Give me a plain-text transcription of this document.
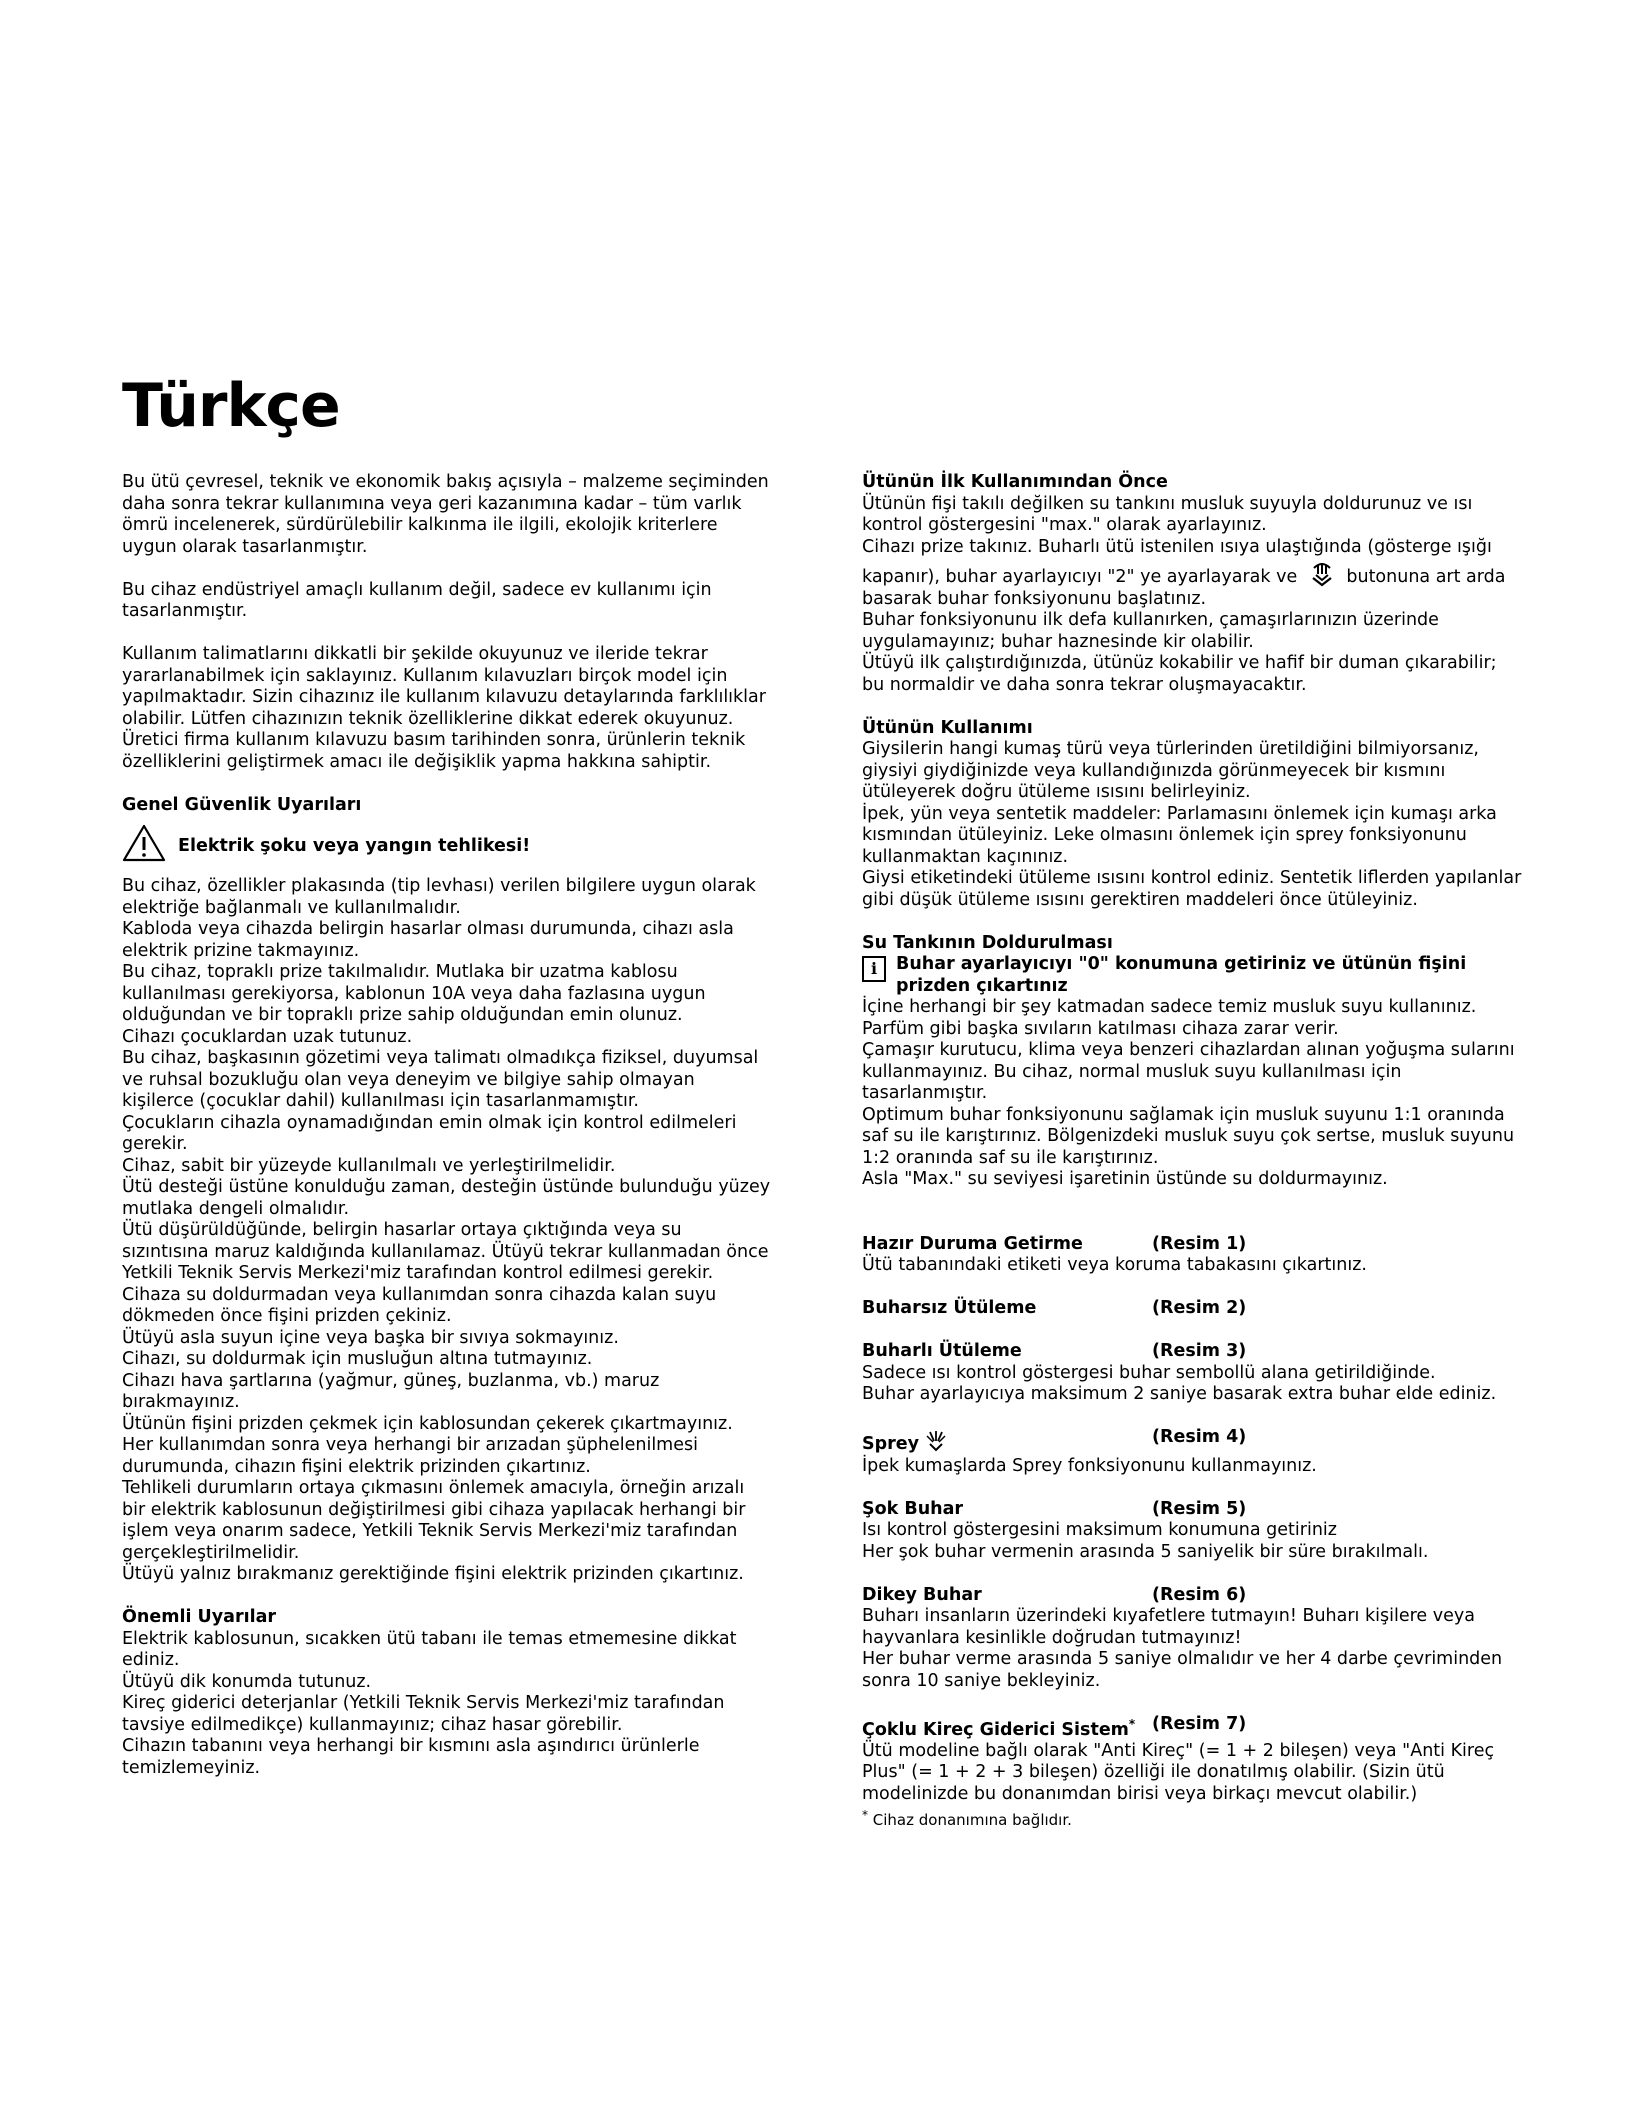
Türkçe

Bu ütü çevresel, teknik ve ekonomik bakış açısıyla – malzeme seçiminden daha sonra tekrar kullanımına veya geri kazanımına kadar – tüm varlık ömrü incelenerek, sürdürülebilir kalkınma ile ilgili, ekolojik kriterlere uygun olarak tasarlanmıştır.

Bu cihaz endüstriyel amaçlı kullanım değil, sadece ev kullanımı için tasarlanmıştır.

Kullanım talimatlarını dikkatli bir şekilde okuyunuz ve ileride tekrar yararlanabilmek için saklayınız. Kullanım kılavuzları birçok model için yapılmaktadır. Sizin cihazınız ile kullanım kılavuzu detaylarında farklılıklar olabilir. Lütfen cihazınızın teknik özelliklerine dikkat ederek okuyunuz. Üretici firma kullanım kılavuzu basım tarihinden sonra, ürünlerin teknik özelliklerini geliştirmek amacı ile değişiklik yapma hakkına sahiptir.

Genel Güvenlik Uyarıları

Elektrik şoku veya yangın tehlikesi!

Bu cihaz, özellikler plakasında (tip levhası) verilen bilgilere uygun olarak elektriğe bağlanmalı ve kullanılmalıdır.

Kabloda veya cihazda belirgin hasarlar olması durumunda, cihazı asla elektrik prizine takmayınız.

Bu cihaz, topraklı prize takılmalıdır. Mutlaka bir uzatma kablosu kullanılması gerekiyorsa, kablonun 10A veya daha fazlasına uygun olduğundan ve bir topraklı prize sahip olduğundan emin olunuz.

Cihazı çocuklardan uzak tutunuz.

Bu cihaz, başkasının gözetimi veya talimatı olmadıkça fiziksel, duyumsal ve ruhsal bozukluğu olan veya deneyim ve bilgiye sahip olmayan kişilerce (çocuklar dahil) kullanılması için tasarlanmamıştır.

Çocukların cihazla oynamadığından emin olmak için kontrol edilmeleri gerekir.

Cihaz, sabit bir yüzeyde kullanılmalı ve yerleştirilmelidir.

Ütü desteği üstüne konulduğu zaman, desteğin üstünde bulunduğu yüzey mutlaka dengeli olmalıdır.

Ütü düşürüldüğünde, belirgin hasarlar ortaya çıktığında veya su sızıntısına maruz kaldığında kullanılamaz. Ütüyü tekrar kullanmadan önce Yetkili Teknik Servis Merkezi'miz tarafından kontrol edilmesi gerekir.

Cihaza su doldurmadan veya kullanımdan sonra cihazda kalan suyu dökmeden önce fişini prizden çekiniz.

Ütüyü asla suyun içine veya başka bir sıvıya sokmayınız.

Cihazı, su doldurmak için musluğun altına tutmayınız.

Cihazı hava şartlarına (yağmur, güneş, buzlanma, vb.) maruz bırakmayınız.

Ütünün fişini prizden çekmek için kablosundan çekerek çıkartmayınız.

Her kullanımdan sonra veya herhangi bir arızadan şüphelenilmesi durumunda, cihazın fişini elektrik prizinden çıkartınız.

Tehlikeli durumların ortaya çıkmasını önlemek amacıyla, örneğin arızalı bir elektrik kablosunun değiştirilmesi gibi cihaza yapılacak herhangi bir işlem veya onarım sadece, Yetkili Teknik Servis Merkezi'miz tarafından gerçekleştirilmelidir.

Ütüyü yalnız bırakmanız gerektiğinde fişini elektrik prizinden çıkartınız.

Önemli Uyarılar

Elektrik kablosunun, sıcakken ütü tabanı ile temas etmemesine dikkat ediniz.

Ütüyü dik konumda tutunuz.

Kireç giderici deterjanlar (Yetkili Teknik Servis Merkezi'miz tarafından tavsiye edilmedikçe) kullanmayınız; cihaz hasar görebilir.

Cihazın tabanını veya herhangi bir kısmını asla aşındırıcı ürünlerle temizlemeyiniz.

Ütünün İlk Kullanımından Önce

Ütünün fişi takılı değilken su tankını musluk suyuyla doldurunuz ve ısı kontrol göstergesini "max." olarak ayarlayınız.

Cihazı prize takınız. Buharlı ütü istenilen ısıya ulaştığında (gösterge ışığı kapanır), buhar ayarlayıcıyı "2" ye ayarlayarak ve	butonuna art arda basarak buhar fonksiyonunu başlatınız.

Buhar fonksiyonunu ilk defa kullanırken, çamaşırlarınızın üzerinde uygulamayınız; buhar haznesinde kir olabilir.

Ütüyü ilk çalıştırdığınızda, ütünüz kokabilir ve hafif bir duman çıkarabilir; bu normaldir ve daha sonra tekrar oluşmayacaktır.

Ütünün Kullanımı

Giysilerin hangi kumaş türü veya türlerinden üretildiğini bilmiyorsanız, giysiyi giydiğinizde veya kullandığınızda görünmeyecek bir kısmını ütüleyerek doğru ütüleme ısısını belirleyiniz.

İpek, yün veya sentetik maddeler: Parlamasını önlemek için kumaşı arka kısmından ütüleyiniz. Leke olmasını önlemek için sprey fonksiyonunu kullanmaktan kaçınınız.

Giysi etiketindeki ütüleme ısısını kontrol ediniz. Sentetik liflerden yapılanlar gibi düşük ütüleme ısısını gerektiren maddeleri önce ütüleyiniz.

Su Tankının Doldurulması

i	Buhar ayarlayıcıyı "0" konumuna getiriniz ve ütünün fişini prizden çıkartınız

İçine herhangi bir şey katmadan sadece temiz musluk suyu kullanınız. Parfüm gibi başka sıvıların katılması cihaza zarar verir.

Çamaşır kurutucu, klima veya benzeri cihazlardan alınan yoğuşma sularını kullanmayınız. Bu cihaz, normal musluk suyu kullanılması için tasarlanmıştır.

Optimum buhar fonksiyonunu sağlamak için musluk suyunu 1:1 oranında saf su ile karıştırınız. Bölgenizdeki musluk suyu çok sertse, musluk suyunu 1:2 oranında saf su ile karıştırınız.

Asla "Max." su seviyesi işaretinin üstünde su doldurmayınız.

Hazır Duruma Getirme	(Resim 1)

Ütü tabanındaki etiketi veya koruma tabakasını çıkartınız.

Buharsız Ütüleme	(Resim 2)
Buharlı Ütüleme	(Resim 3)

Sadece ısı kontrol göstergesi buhar sembollü alana getirildiğinde.

Buhar ayarlayıcıya maksimum 2 saniye basarak extra buhar elde ediniz.

Sprey	(Resim 4)

İpek kumaşlarda Sprey fonksiyonunu kullanmayınız.

Şok Buhar	(Resim 5)

Isı kontrol göstergesini maksimum konumuna getiriniz

Her şok buhar vermenin arasında 5 saniyelik bir süre bırakılmalı.

Dikey Buhar	(Resim 6)

Buharı insanların üzerindeki kıyafetlere tutmayın! Buharı kişilere veya hayvanlara kesinlikle doğrudan tutmayınız!

Her buhar verme arasında 5 saniye olmalıdır ve her 4 darbe çevriminden sonra 10 saniye bekleyiniz.

Çoklu Kireç Giderici Sistem* (Resim 7)

Ütü modeline bağlı olarak "Anti Kireç" (= 1 + 2 bileşen) veya "Anti Kireç Plus" (= 1 + 2 + 3 bileşen) özelliği ile donatılmış olabilir. (Sizin ütü modelinizde bu donanımdan birisi veya birkaçı mevcut olabilir.)

* Cihaz donanımına bağlıdır.
